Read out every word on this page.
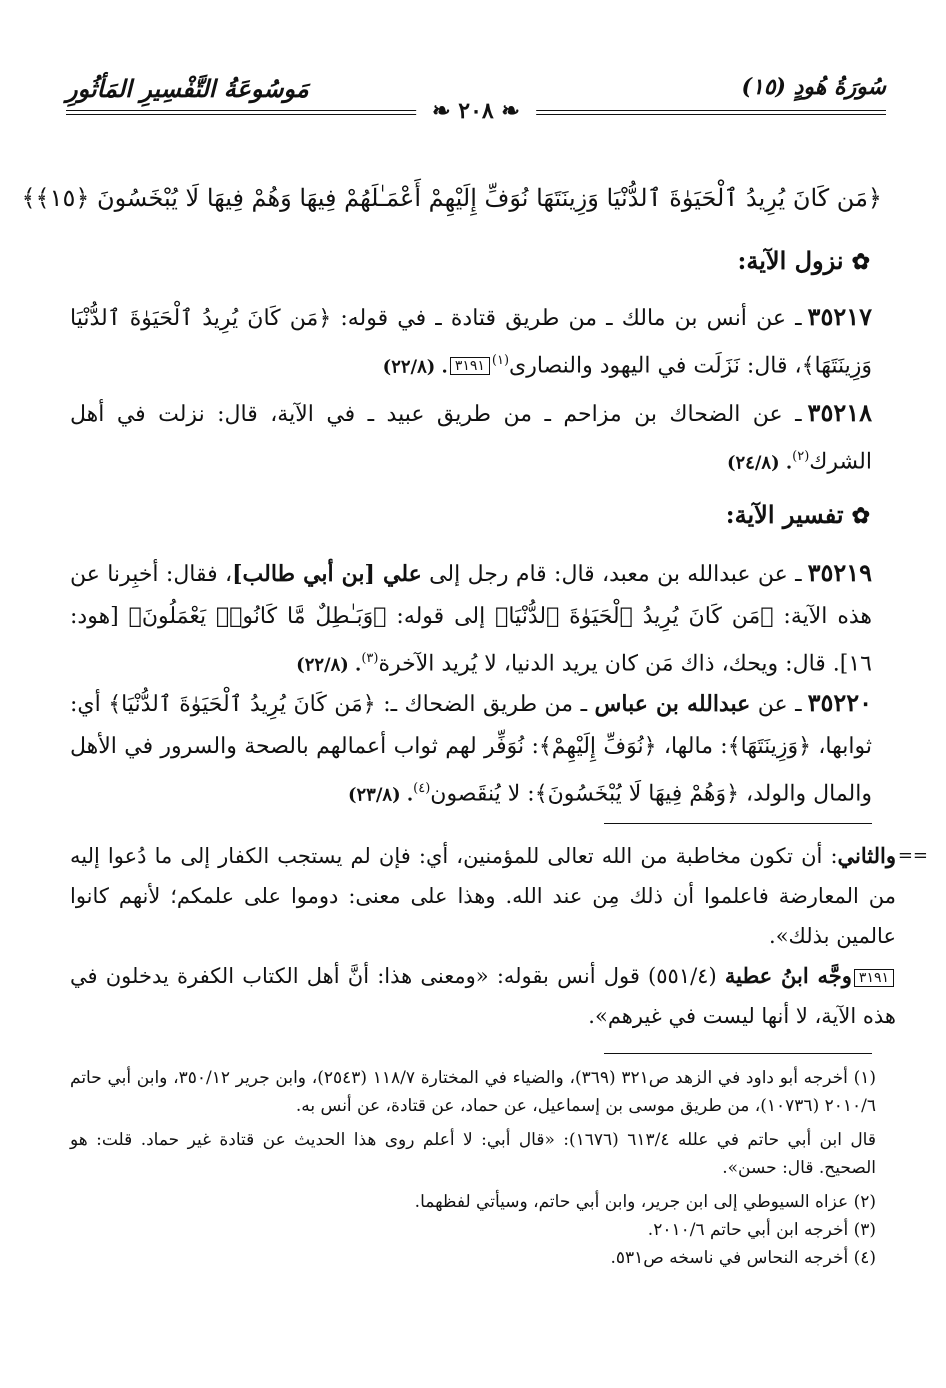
سُورَةُ هُودٍ (١٥)
مَوسُوعَةُ التَّفْسِيرِ المَأثُورِ
❧ ٢٠٨ ❧
﴿مَن كَانَ يُرِيدُ ٱلْحَيَوٰةَ ٱلدُّنْيَا وَزِينَتَهَا نُوَفِّ إِلَيْهِمْ أَعْمَـٰلَهُمْ فِيهَا وَهُمْ فِيهَا لَا يُبْخَسُونَ ﴿١٥﴾﴾
✿نزول الآية:
٣٥٢١٧ـ عن أنس بن مالك ـ من طريق قتادة ـ في قوله: ﴿مَن كَانَ يُرِيدُ ٱلْحَيَوٰةَ ٱلدُّنْيَا وَزِينَتَهَا﴾، قال: نَزَلَت في اليهود والنصارى$^{(١)}$٣١٩١. (٢٢/٨)
٣٥٢١٨ـ عن الضحاك بن مزاحم ـ من طريق عبيد ـ في الآية، قال: نزلت في أهل الشرك$^{(٢)}$. (٢٤/٨)
✿تفسير الآية:
٣٥٢١٩ـ عن عبدالله بن معبد، قال: قام رجل إلى علي [بن أبي طالب]، فقال: أخبِرنا عن هذه الآية: ﴿مَن كَانَ يُرِيدُ ٱلْحَيَوٰةَ ٱلدُّنْيَا﴾ إلى قوله: ﴿وَبَـٰطِلٌ مَّا كَانُوا۟ يَعْمَلُونَ﴾ [هود: ١٦]. قال: ويحك، ذاك مَن كان يريد الدنيا، لا يُريد الآخرة$^{(٣)}$. (٢٢/٨)
٣٥٢٢٠ـ عن عبدالله بن عباس ـ من طريق الضحاك ـ: ﴿مَن كَانَ يُرِيدُ ٱلْحَيَوٰةَ ٱلدُّنْيَا﴾ أي: ثوابها، ﴿وَزِينَتَهَا﴾: مالها، ﴿نُوَفِّ إِلَيْهِمْ﴾: نُوَفِّر لهم ثواب أعمالهم بالصحة والسرور في الأهل والمال والولد، ﴿وَهُمْ فِيهَا لَا يُبْخَسُونَ﴾: لا يُنقَصون$^{(٤)}$. (٢٣/٨)
==
والثاني: أن تكون مخاطبة من الله تعالى للمؤمنين، أي: فإن لم يستجب الكفار إلى ما دُعوا إليه من المعارضة فاعلموا أن ذلك مِن عند الله. وهذا على معنى: دوموا على علمكم؛ لأنهم كانوا عالمين بذلك».
٣١٩١وجَّه ابنُ عطية (٥٥١/٤) قول أنس بقوله: «ومعنى هذا: أنَّ أهل الكتاب الكفرة يدخلون في هذه الآية، لا أنها ليست في غيرهم».

(١) أخرجه أبو داود في الزهد ص٣٢١ (٣٦٩)، والضياء في المختارة ١١٨/٧ (٢٥٤٣)، وابن جرير ٣٥٠/١٢، وابن أبي حاتم ٢٠١٠/٦ (١٠٧٣٦)، من طريق موسى بن إسماعيل، عن حماد، عن قتادة، عن أنس به.

قال ابن أبي حاتم في علله ٦١٣/٤ (١٦٧٦): «قال أبي: لا أعلم روى هذا الحديث عن قتادة غير حماد. قلت: هو الصحيح. قال: حسن».

(٢) عزاه السيوطي إلى ابن جرير، وابن أبي حاتم، وسيأتي لفظهما.

(٣) أخرجه ابن أبي حاتم ٢٠١٠/٦.

(٤) أخرجه النحاس في ناسخه ص٥٣١.
